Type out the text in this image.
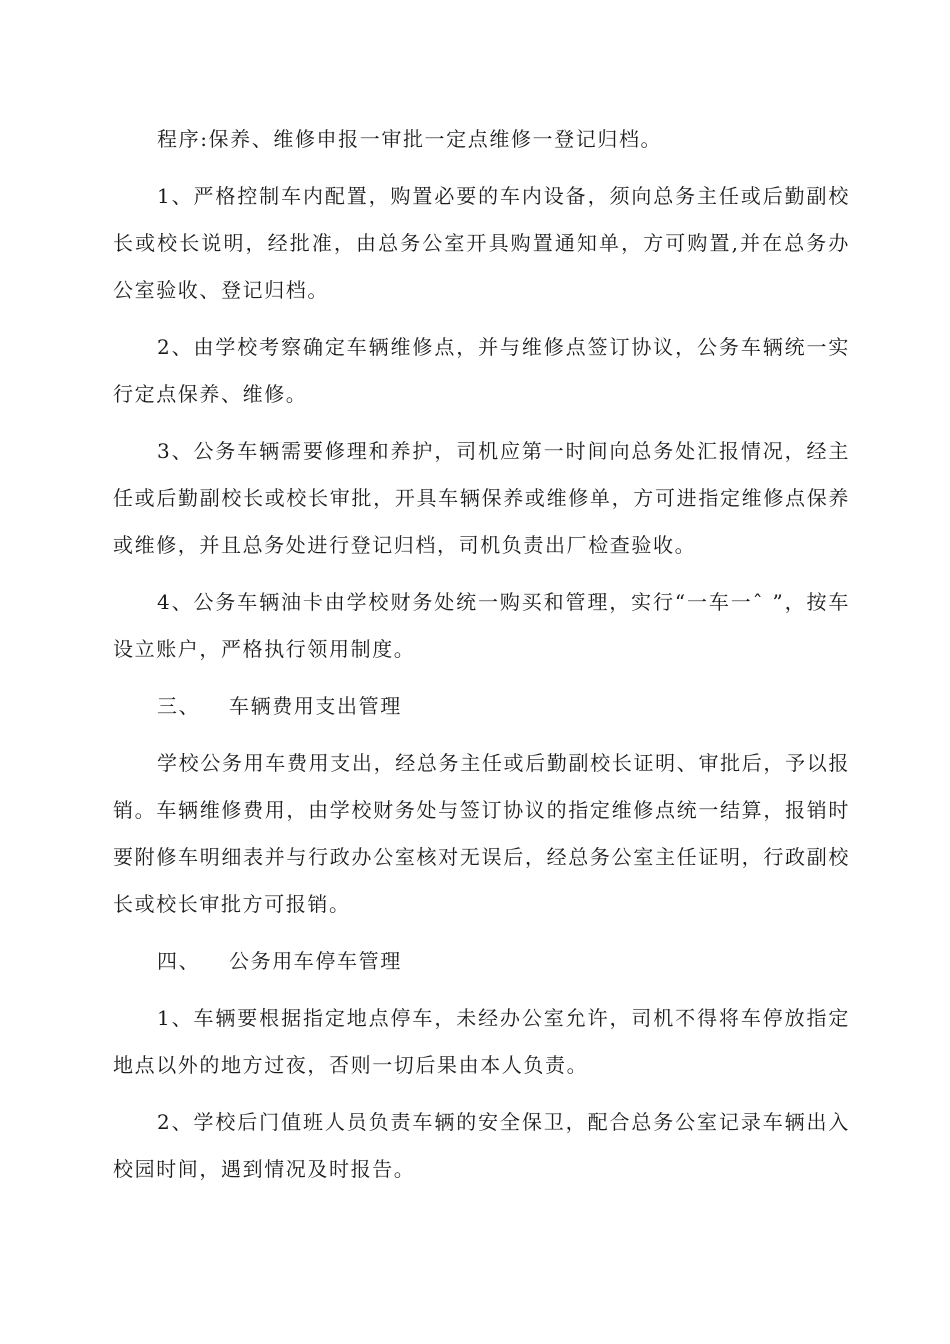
程序:保养、维修申报一审批一定点维修一登记归档。

1、严格控制车内配置，购置必要的车内设备，须向总务主任或后勤副校长或校长说明，经批准，由总务公室开具购置通知单，方可购置,并在总务办公室验收、登记归档。

2、由学校考察确定车辆维修点，并与维修点签订协议，公务车辆统一实行定点保养、维修。

3、公务车辆需要修理和养护，司机应第一时间向总务处汇报情况，经主任或后勤副校长或校长审批，开具车辆保养或维修单，方可进指定维修点保养或维修，并且总务处进行登记归档，司机负责出厂检查验收。

4、公务车辆油卡由学校财务处统一购买和管理，实行“一车一ˆ ”，按车设立账户，严格执行领用制度。

三、 车辆费用支出管理

学校公务用车费用支出，经总务主任或后勤副校长证明、审批后，予以报销。车辆维修费用，由学校财务处与签订协议的指定维修点统一结算，报销时要附修车明细表并与行政办公室核对无误后，经总务公室主任证明，行政副校长或校长审批方可报销。

四、 公务用车停车管理

1、车辆要根据指定地点停车，未经办公室允许，司机不得将车停放指定地点以外的地方过夜，否则一切后果由本人负责。

2、学校后门值班人员负责车辆的安全保卫，配合总务公室记录车辆出入校园时间，遇到情况及时报告。
